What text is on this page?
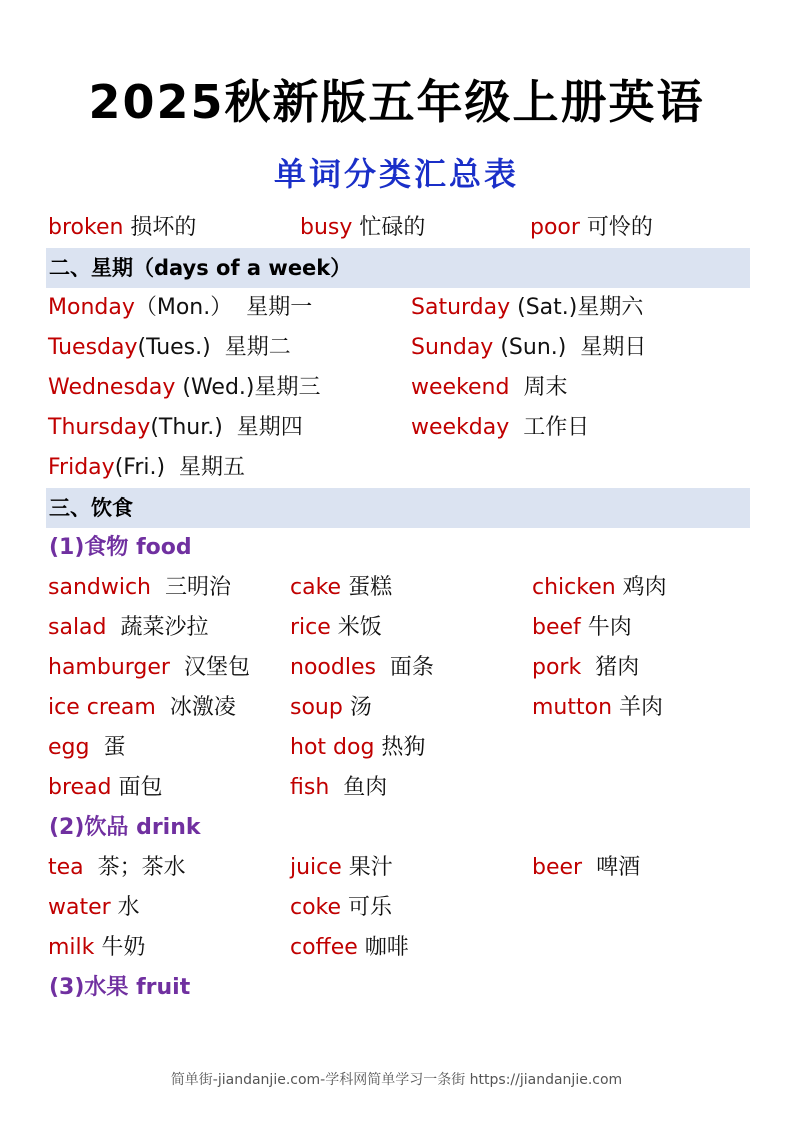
2025秋新版五年级上册英语
单词分类汇总表
broken 损坏的	busy 忙碌的	poor 可怜的
二、星期（days of a week）
Monday（Mon.）  星期一	Saturday (Sat.)星期六
Tuesday(Tues.)  星期二	Sunday (Sun.)  星期日
Wednesday (Wed.)星期三	weekend  周末
Thursday(Thur.)  星期四	weekday  工作日
Friday(Fri.)  星期五
三、饮食
(1)食物 food
sandwich  三明治	cake 蛋糕	chicken 鸡肉
salad  蔬菜沙拉	rice 米饭	beef 牛肉
hamburger  汉堡包 noodles  面条	pork  猪肉
ice cream  冰激凌 soup 汤	mutton 羊肉
egg  蛋	hot dog 热狗
bread 面包	fish  鱼肉
(2)饮品 drink
tea  茶；茶水	juice 果汁	beer  啤酒
water 水	coke 可乐
milk 牛奶	coffee 咖啡
(3)水果 fruit
简单街-jiandanjie.com-学科网简单学习一条街 https://jiandanjie.com
